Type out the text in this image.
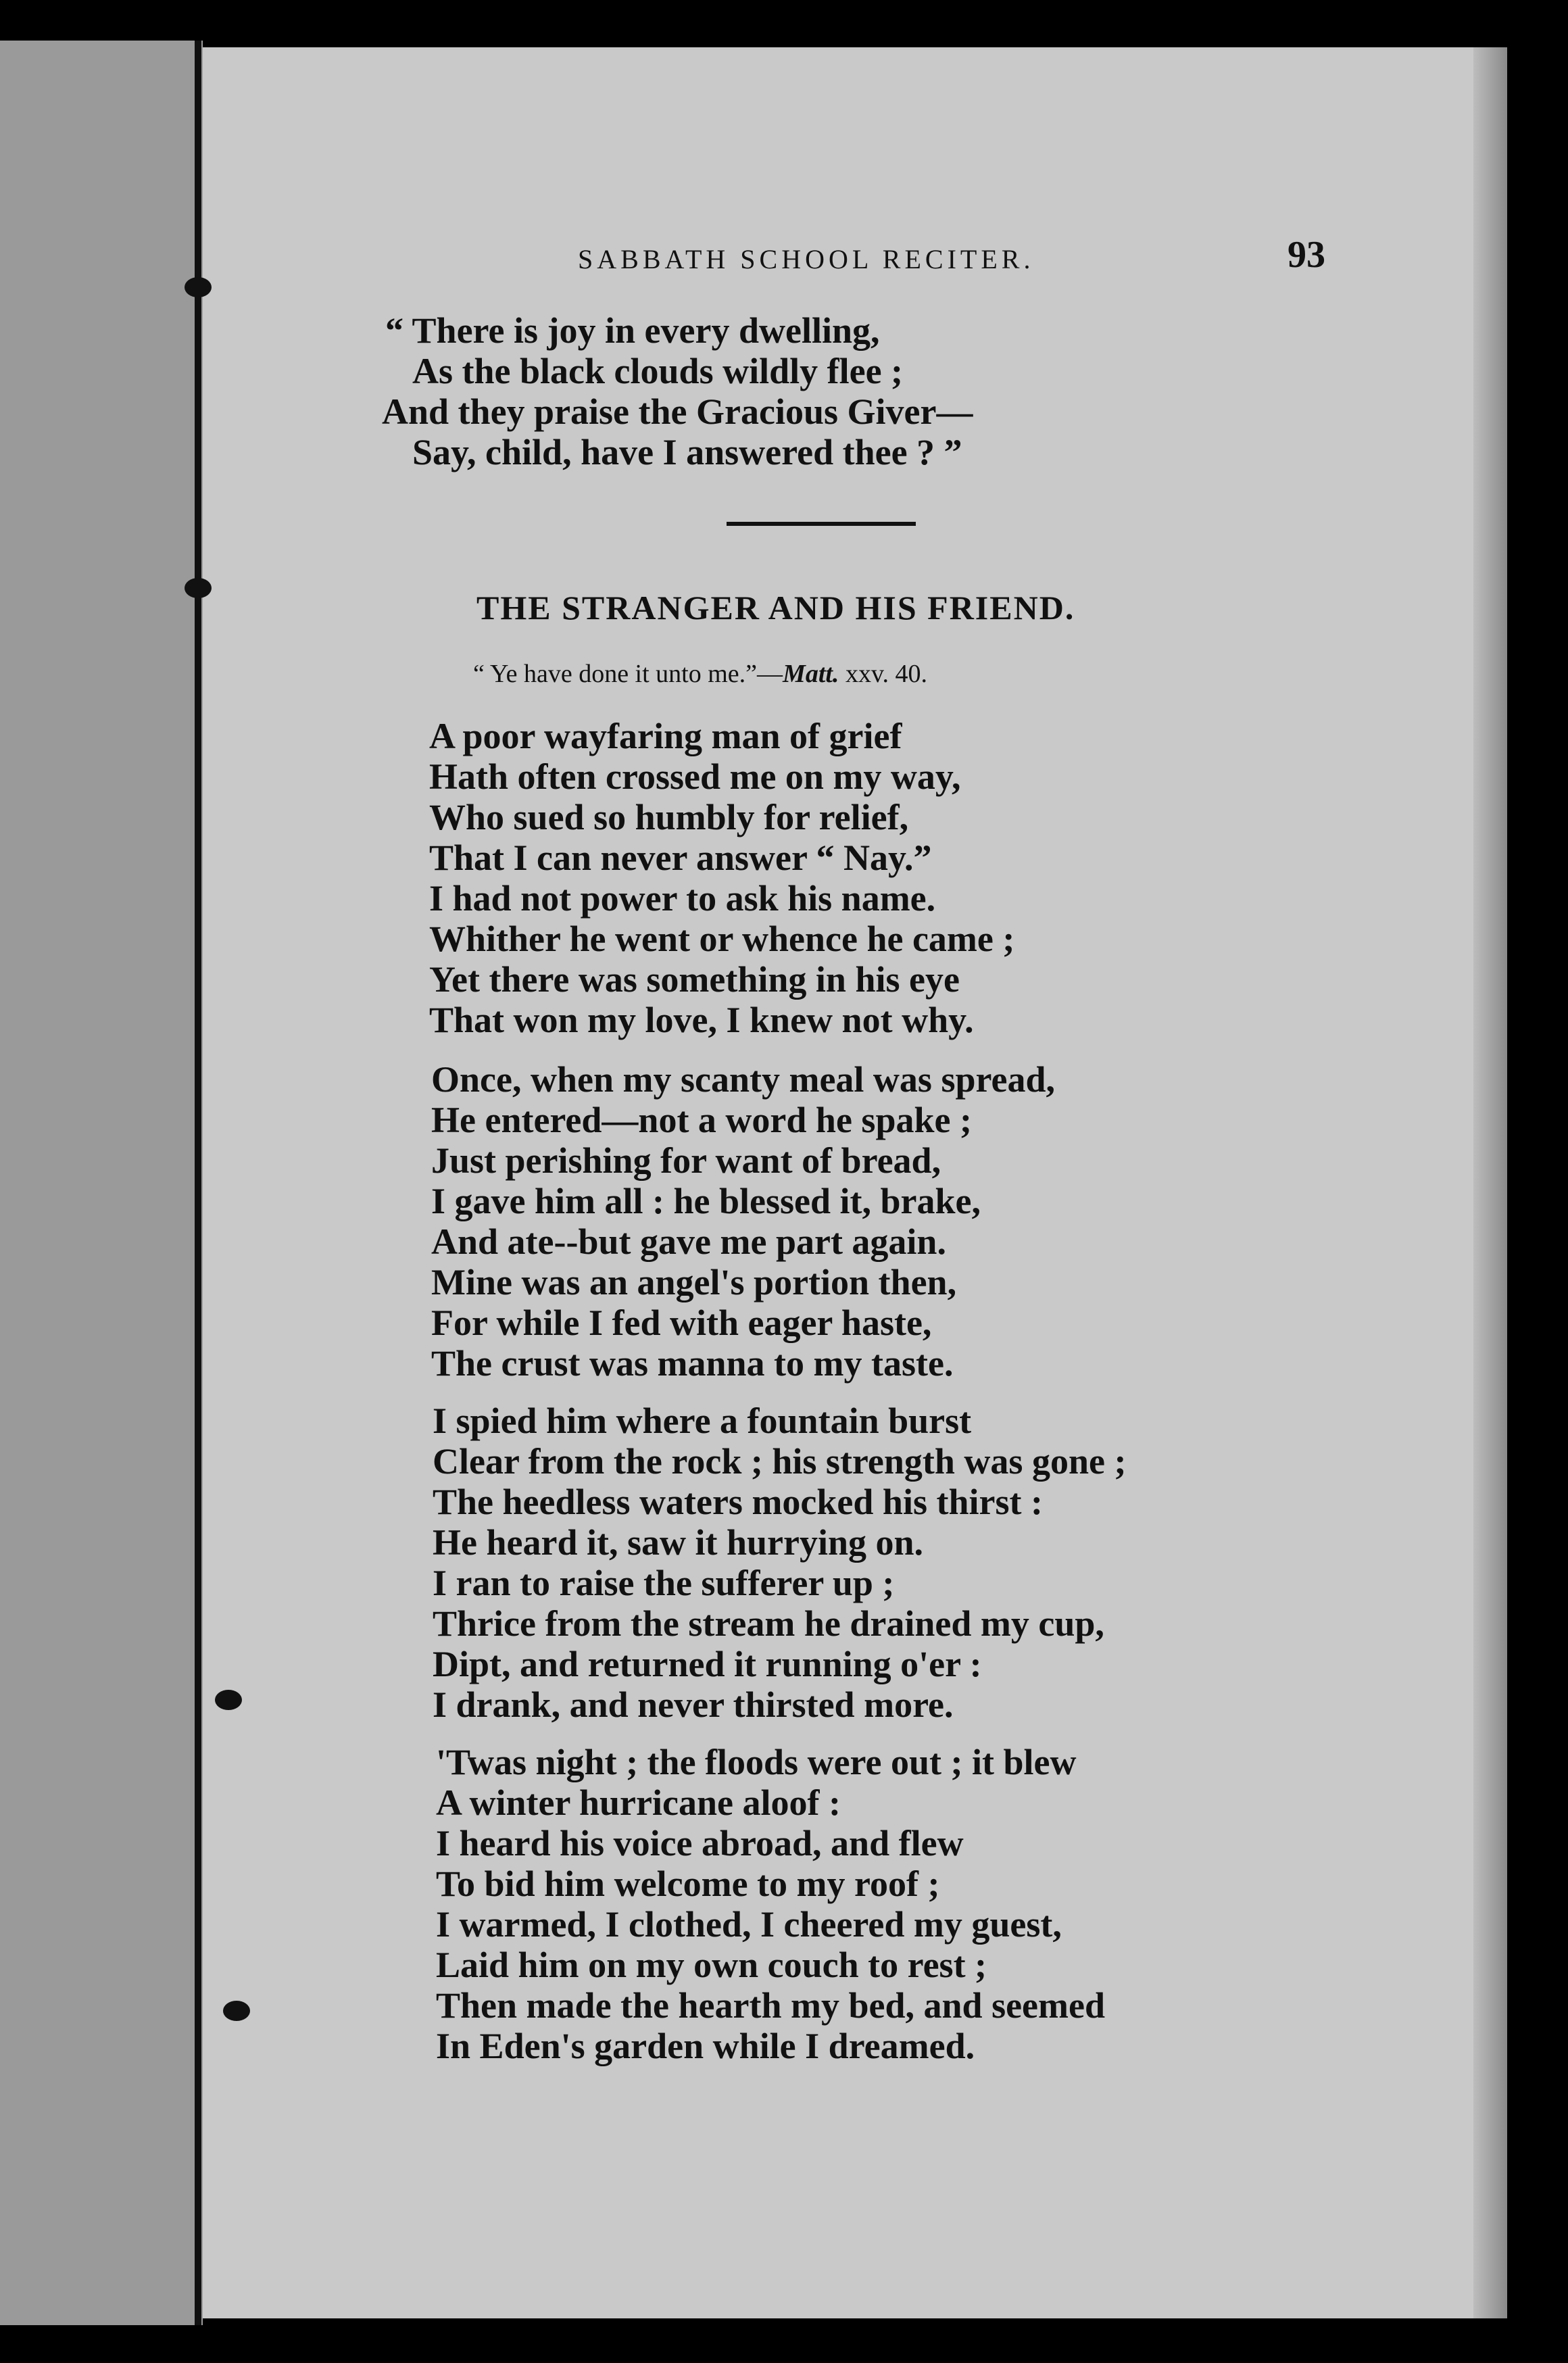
SABBATH SCHOOL RECITER.	93
“ There is joy in every dwelling,
As the black clouds wildly flee ;
And they praise the Gracious Giver—
Say, child, have I answered thee ? ”
THE STRANGER AND HIS FRIEND.
“ Ye have done it unto me.”—Matt. xxv. 40.
A poor wayfaring man of grief
Hath often crossed me on my way,
Who sued so humbly for relief,
That I can never answer “ Nay.”
I had not power to ask his name.
Whither he went or whence he came ;
Yet there was something in his eye
That won my love, I knew not why.
Once, when my scanty meal was spread,
He entered—not a word he spake ;
Just perishing for want of bread,
I gave him all : he blessed it, brake,
And ate--but gave me part again.
Mine was an angel's portion then,
For while I fed with eager haste,
The crust was manna to my taste.
I spied him where a fountain burst
Clear from the rock ; his strength was gone ;
The heedless waters mocked his thirst :
He heard it, saw it hurrying on.
I ran to raise the sufferer up ;
Thrice from the stream he drained my cup,
Dipt, and returned it running o'er :
I drank, and never thirsted more.
'Twas night ; the floods were out ; it blew
A winter hurricane aloof :
I heard his voice abroad, and flew
To bid him welcome to my roof ;
I warmed, I clothed, I cheered my guest,
Laid him on my own couch to rest ;
Then made the hearth my bed, and seemed
In Eden's garden while I dreamed.
